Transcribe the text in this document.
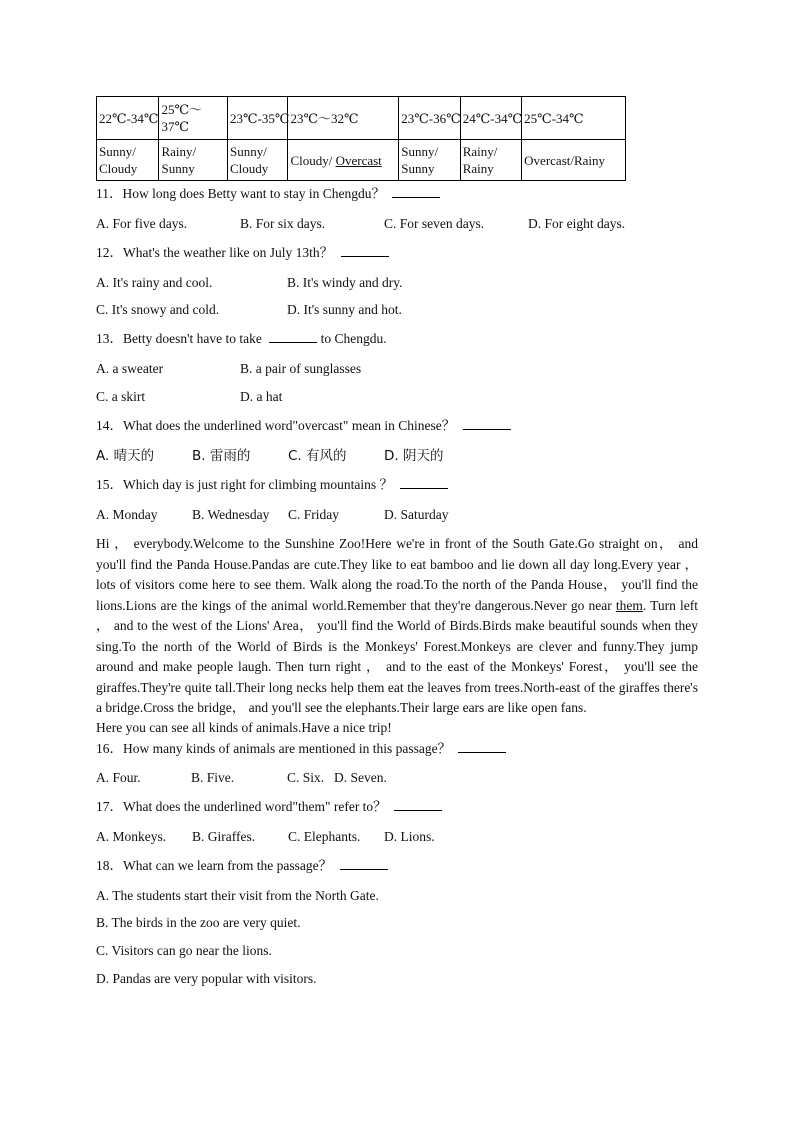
22℃-34℃	25℃～37℃	23℃-35℃	23℃～32℃	23℃-36℃	24℃-34℃	25℃-34℃
Sunny/ Cloudy	Rainy/ Sunny	Sunny/ Cloudy	Cloudy/ Overcast	Sunny/ Sunny	Rainy/ Rainy	Overcast/Rainy

11．How long does Betty want to stay in Chengdu？

A. For five days.	B. For six days.	C. For seven days.	D. For eight days.

12．What's the weather like on July 13th？

A. It's rainy and cool.	B. It's windy and dry.
C. It's snowy and cold.	D. It's sunny and hot.

13．Betty doesn't have to take	to Chengdu.

A. a sweater	B. a pair of sunglasses
C. a skirt	D. a hat

14．What does the underlined word"overcast" mean in Chinese？

A. 晴天的	B. 雷雨的	C. 有风的	D. 阴天的

15．Which day is just right for climbing mountains ？

A. Monday	B. Wednesday C. Friday	D. Saturday

Hi ， everybody.Welcome to the Sunshine Zoo!Here we're in front of the South Gate.Go straight on， and you'll find the Panda House.Pandas are cute.They like to eat bamboo and lie down all day long.Every year ， lots of visitors come here to see them. Walk along the road.To the north of the Panda House， you'll find the lions.Lions are the kings of the animal world.Remember that they're dangerous.Never go near them. Turn left ， and to the west of the Lions' Area， you'll find the World of Birds.Birds make beautiful sounds when they sing.To the north of the World of Birds is the Monkeys' Forest.Monkeys are clever and funny.They jump around and make people laugh. Then turn right ， and to the east of the Monkeys' Forest， you'll see the giraffes.They're quite tall.Their long necks help them eat the leaves from trees.North-east of the giraffes there's a bridge.Cross the bridge， and you'll see the elephants.Their large ears are like open fans.

Here you can see all kinds of animals.Have a nice trip!

16．How many kinds of animals are mentioned in this passage？

A. Four.	B. Five.	C. Six. D. Seven.

17．What does the underlined word"them" refer to？

A. Monkeys. B. Giraffes. C. Elephants. D. Lions.

18．What can we learn from the passage？

A. The students start their visit from the North Gate.
B. The birds in the zoo are very quiet.
C. Visitors can go near the lions.
D. Pandas are very popular with visitors.
